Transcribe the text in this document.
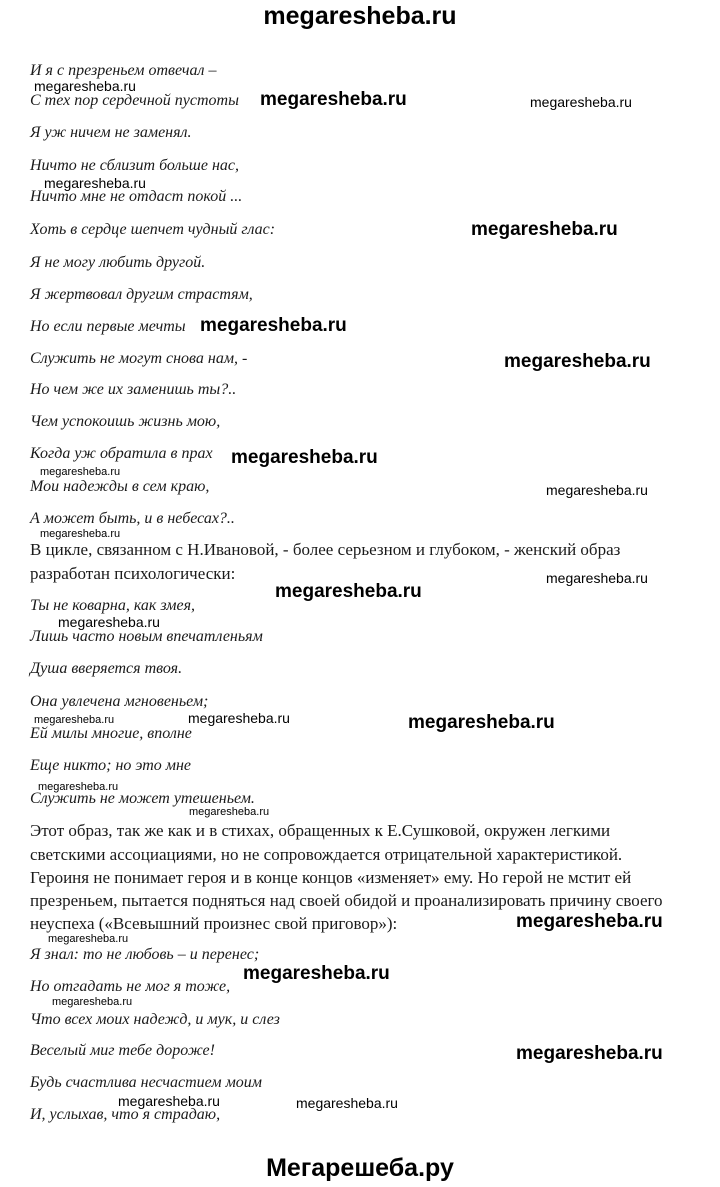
megaresheba.ru
И я с презреньем отвечал –
С тех пор сердечной пустоты
Я уж ничем не заменял.
Ничто не сблизит больше нас,
Ничто мне не отдаст покой ...
Хоть в сердце шепчет чудный глас:
Я не могу любить другой.
Я жертвовал другим страстям,
Но если первые мечты
Служить не могут снова нам, -
Но чем же их заменишь ты?..
Чем успокоишь жизнь мою,
Когда уж обратила в прах
Мои надежды в сем краю,
А может быть, и в небесах?..
В цикле, связанном с Н.Ивановой, - более серьезном и глубоком, - женский образ
разработан психологически:
Ты не коварна, как змея,
Лишь часто новым впечатленьям
Душа вверяется твоя.
Она увлечена мгновеньем;
Ей милы многие, вполне
Еще никто; но это мне
Служить не может утешеньем.
Этот образ, так же как и в стихах, обращенных к Е.Сушковой, окружен легкими
светскими ассоциациями, но не сопровождается отрицательной характеристикой.
Героиня не понимает героя и в конце концов «изменяет» ему. Но герой не мстит ей
презреньем, пытается подняться над своей обидой и проанализировать причину своего
неуспеха («Всевышний произнес свой приговор»):
Я знал: то не любовь – и перенес;
Но отгадать не мог я тоже,
Что всех моих надежд, и мук, и слез
Веселый миг тебе дороже!
Будь счастлива несчастием моим
И, услыхав, что я страдаю,
megaresheba.ru
megaresheba.ru	megaresheba.ru
megaresheba.ru
megaresheba.ru
megaresheba.ru
megaresheba.ru
megaresheba.ru
megaresheba.ru
megaresheba.ru
megaresheba.ru
megaresheba.ru
megaresheba.ru
megaresheba.ru
megaresheba.ru	megaresheba.ru	megaresheba.ru
megaresheba.ru
megaresheba.ru
megaresheba.ru
megaresheba.ru
megaresheba.ru
megaresheba.ru
megaresheba.ru
megaresheba.ru	megaresheba.ru
Мегарешеба.ру
